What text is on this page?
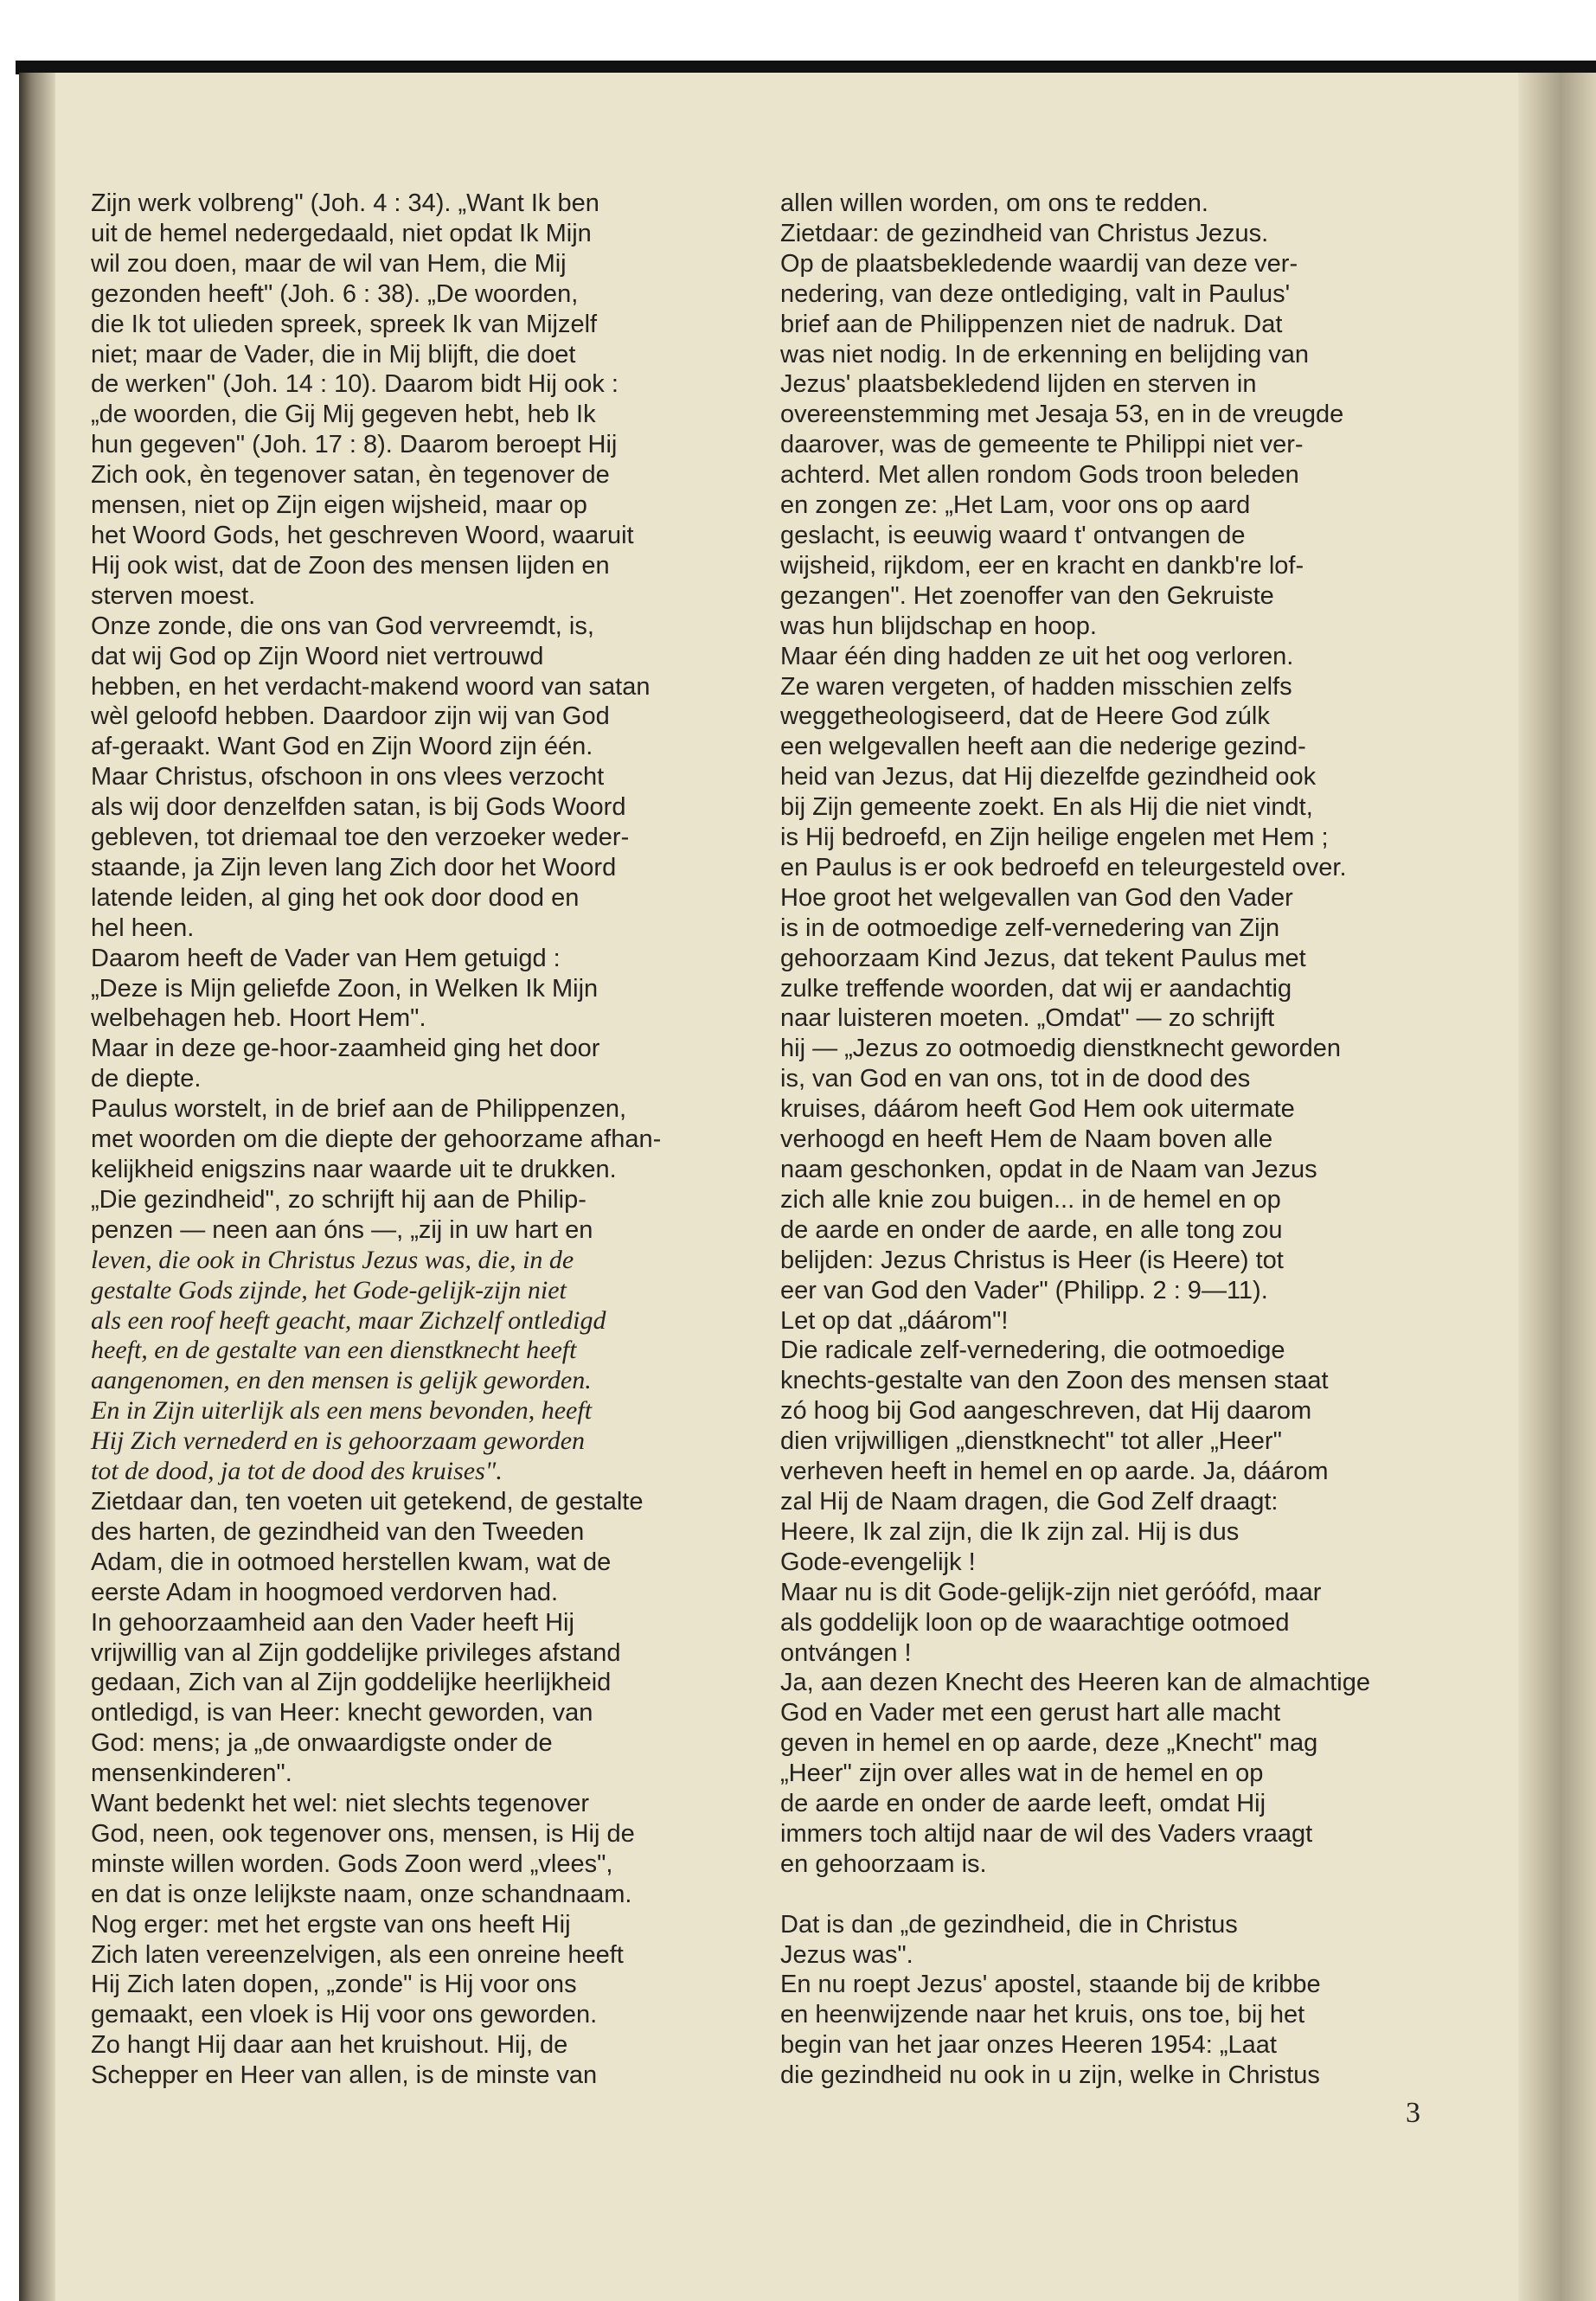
Zijn werk volbreng" (Joh. 4 : 34). „Want Ik ben

uit de hemel nedergedaald, niet opdat Ik Mijn

wil zou doen, maar de wil van Hem, die Mij

gezonden heeft" (Joh. 6 : 38). „De woorden,

die Ik tot ulieden spreek, spreek Ik van Mijzelf

niet; maar de Vader, die in Mij blijft, die doet

de werken" (Joh. 14 : 10). Daarom bidt Hij ook :

„de woorden, die Gij Mij gegeven hebt, heb Ik

hun gegeven" (Joh. 17 : 8). Daarom beroept Hij

Zich ook, èn tegenover satan, èn tegenover de

mensen, niet op Zijn eigen wijsheid, maar op

het Woord Gods, het geschreven Woord, waaruit

Hij ook wist, dat de Zoon des mensen lijden en

sterven moest.

Onze zonde, die ons van God vervreemdt, is,

dat wij God op Zijn Woord niet vertrouwd

hebben, en het verdacht-makend woord van satan

wèl geloofd hebben. Daardoor zijn wij van God

af-geraakt. Want God en Zijn Woord zijn één.

Maar Christus, ofschoon in ons vlees verzocht

als wij door denzelfden satan, is bij Gods Woord

gebleven, tot driemaal toe den verzoeker weder-

staande, ja Zijn leven lang Zich door het Woord

latende leiden, al ging het ook door dood en

hel heen.

Daarom heeft de Vader van Hem getuigd :

„Deze is Mijn geliefde Zoon, in Welken Ik Mijn

welbehagen heb. Hoort Hem".

Maar in deze ge-hoor-zaamheid ging het door

de diepte.

Paulus worstelt, in de brief aan de Philippenzen,

met woorden om die diepte der gehoorzame afhan-

kelijkheid enigszins naar waarde uit te drukken.

„Die gezindheid", zo schrijft hij aan de Philip-

penzen — neen aan óns —, „zij in uw hart en

leven, die ook in Christus Jezus was, die, in de

gestalte Gods zijnde, het Gode-gelijk-zijn niet

als een roof heeft geacht, maar Zichzelf ontledigd

heeft, en de gestalte van een dienstknecht heeft

aangenomen, en den mensen is gelijk geworden.

En in Zijn uiterlijk als een mens bevonden, heeft

Hij Zich vernederd en is gehoorzaam geworden

tot de dood, ja tot de dood des kruises".

Zietdaar dan, ten voeten uit getekend, de gestalte

des harten, de gezindheid van den Tweeden

Adam, die in ootmoed herstellen kwam, wat de

eerste Adam in hoogmoed verdorven had.

In gehoorzaamheid aan den Vader heeft Hij

vrijwillig van al Zijn goddelijke privileges afstand

gedaan, Zich van al Zijn goddelijke heerlijkheid

ontledigd, is van Heer: knecht geworden, van

God: mens; ja „de onwaardigste onder de

mensenkinderen".

Want bedenkt het wel: niet slechts tegenover

God, neen, ook tegenover ons, mensen, is Hij de

minste willen worden. Gods Zoon werd „vlees",

en dat is onze lelijkste naam, onze schandnaam.

Nog erger: met het ergste van ons heeft Hij

Zich laten vereenzelvigen, als een onreine heeft

Hij Zich laten dopen, „zonde" is Hij voor ons

gemaakt, een vloek is Hij voor ons geworden.

Zo hangt Hij daar aan het kruishout. Hij, de

Schepper en Heer van allen, is de minste van

allen willen worden, om ons te redden.

Zietdaar: de gezindheid van Christus Jezus.

Op de plaatsbekledende waardij van deze ver-

nedering, van deze ontlediging, valt in Paulus'

brief aan de Philippenzen niet de nadruk. Dat

was niet nodig. In de erkenning en belijding van

Jezus' plaatsbekledend lijden en sterven in

overeenstemming met Jesaja 53, en in de vreugde

daarover, was de gemeente te Philippi niet ver-

achterd. Met allen rondom Gods troon beleden

en zongen ze: „Het Lam, voor ons op aard

geslacht, is eeuwig waard t' ontvangen de

wijsheid, rijkdom, eer en kracht en dankb're lof-

gezangen". Het zoenoffer van den Gekruiste

was hun blijdschap en hoop.

Maar één ding hadden ze uit het oog verloren.

Ze waren vergeten, of hadden misschien zelfs

weggetheologiseerd, dat de Heere God zúlk

een welgevallen heeft aan die nederige gezind-

heid van Jezus, dat Hij diezelfde gezindheid ook

bij Zijn gemeente zoekt. En als Hij die niet vindt,

is Hij bedroefd, en Zijn heilige engelen met Hem ;

en Paulus is er ook bedroefd en teleurgesteld over.

Hoe groot het welgevallen van God den Vader

is in de ootmoedige zelf-vernedering van Zijn

gehoorzaam Kind Jezus, dat tekent Paulus met

zulke treffende woorden, dat wij er aandachtig

naar luisteren moeten. „Omdat" — zo schrijft

hij — „Jezus zo ootmoedig dienstknecht geworden

is, van God en van ons, tot in de dood des

kruises, dáárom heeft God Hem ook uitermate

verhoogd en heeft Hem de Naam boven alle

naam geschonken, opdat in de Naam van Jezus

zich alle knie zou buigen... in de hemel en op

de aarde en onder de aarde, en alle tong zou

belijden: Jezus Christus is Heer (is Heere) tot

eer van God den Vader" (Philipp. 2 : 9—11).

Let op dat „dáárom"!

Die radicale zelf-vernedering, die ootmoedige

knechts-gestalte van den Zoon des mensen staat

zó hoog bij God aangeschreven, dat Hij daarom

dien vrijwilligen „dienstknecht" tot aller „Heer"

verheven heeft in hemel en op aarde. Ja, dáárom

zal Hij de Naam dragen, die God Zelf draagt:

Heere, Ik zal zijn, die Ik zijn zal. Hij is dus

Gode-evengelijk !

Maar nu is dit Gode-gelijk-zijn niet geróófd, maar

als goddelijk loon op de waarachtige ootmoed

ontvángen !

Ja, aan dezen Knecht des Heeren kan de almachtige

God en Vader met een gerust hart alle macht

geven in hemel en op aarde, deze „Knecht" mag

„Heer" zijn over alles wat in de hemel en op

de aarde en onder de aarde leeft, omdat Hij

immers toch altijd naar de wil des Vaders vraagt

en gehoorzaam is.

Dat is dan „de gezindheid, die in Christus

Jezus was".

En nu roept Jezus' apostel, staande bij de kribbe

en heenwijzende naar het kruis, ons toe, bij het

begin van het jaar onzes Heeren 1954: „Laat

die gezindheid nu ook in u zijn, welke in Christus

3
